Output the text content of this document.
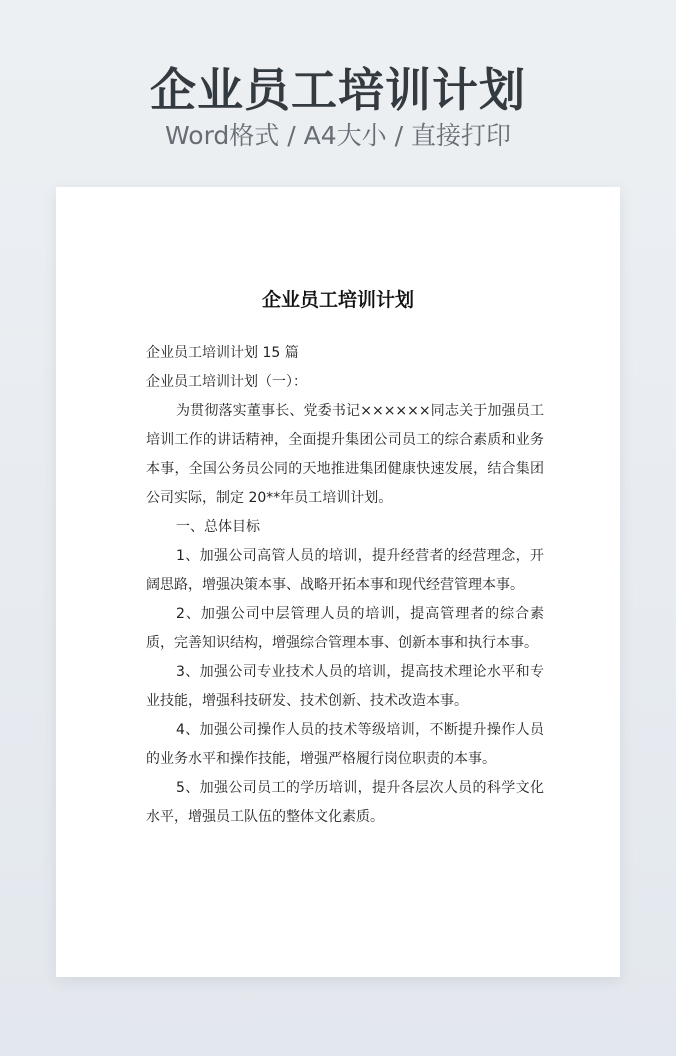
企业员工培训计划
Word格式 / A4大小 / 直接打印
企业员工培训计划
企业员工培训计划 15 篇
企业员工培训计划（一）：
为贯彻落实董事长、党委书记××××××同志关于加强员工培训工作的讲话精神，全面提升集团公司员工的综合素质和业务本事，全国公务员公同的天地推进集团健康快速发展，结合集团公司实际，制定 20**年员工培训计划。
一、总体目标
1、加强公司高管人员的培训，提升经营者的经营理念，开阔思路，增强决策本事、战略开拓本事和现代经营管理本事。
2、加强公司中层管理人员的培训，提高管理者的综合素质，完善知识结构，增强综合管理本事、创新本事和执行本事。
3、加强公司专业技术人员的培训，提高技术理论水平和专业技能，增强科技研发、技术创新、技术改造本事。
4、加强公司操作人员的技术等级培训，不断提升操作人员的业务水平和操作技能，增强严格履行岗位职责的本事。
5、加强公司员工的学历培训，提升各层次人员的科学文化水平，增强员工队伍的整体文化素质。
